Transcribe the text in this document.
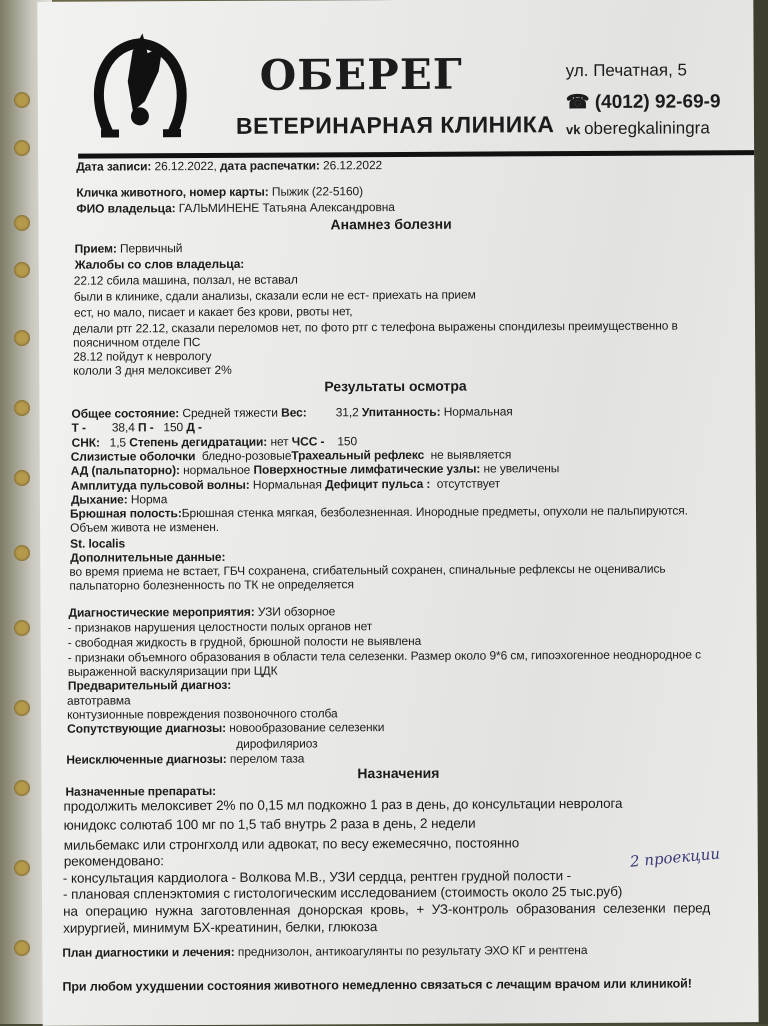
ОБЕРЕГ
ВЕТЕРИНАРНАЯ КЛИНИКА
ул. Печатная, 5
☎ (4012) 92-69-9
vk oberegkaliningra
Дата записи: 26.12.2022, дата распечатки: 26.12.2022
Кличка животного, номер карты: Пыжик (22-5160)
ФИО владельца: ГАЛЬМИНЕНЕ Татьяна Александровна
Анамнез болезни
Прием: Первичный
Жалобы со слов владельца:
22.12 сбила машина, ползал, не вставал
были в клинике, сдали анализы, сказали если не ест- приехать на прием
ест, но мало, писает и какает без крови, рвоты нет,
делали ртг 22.12, сказали переломов нет, по фото ртг с телефона выражены спондилезы преимущественно в
поясничном отделе ПС
28.12 пойдут к неврологу
кололи 3 дня мелоксивет 2%
Результаты осмотра
Общее состояние: Средней тяжести Вес: 31,2 Упитанность: Нормальная
Т - 38,4 П - 150 Д -
СНК: 1,5 Степень дегидратации: нет ЧСС - 150
Слизистые оболочки бледно-розовыеТрахеальный рефлекс не выявляется
АД (пальпаторно): нормальное Поверхностные лимфатические узлы: не увеличены
Амплитуда пульсовой волны: Нормальная Дефицит пульса : отсутствует
Дыхание: Норма
Брюшная полость:Брюшная стенка мягкая, безболезненная. Инородные предметы, опухоли не пальпируются.
Объем живота не изменен.
St. localis
Дополнительные данные:
во время приема не встает, ГБЧ сохранена, сгибательный сохранен, спинальные рефлексы не оценивались
пальпаторно болезненность по ТК не определяется
Диагностические мероприятия: УЗИ обзорное
- признаков нарушения целостности полых органов нет
- свободная жидкость в грудной, брюшной полости не выявлена
- признаки объемного образования в области тела селезенки. Размер около 9*6 см, гипоэхогенное неоднородное с
выраженной васкуляризации при ЦДК
Предварительный диагноз:
автотравма
контузионные повреждения позвоночного столба
Сопутствующие диагнозы: новообразование селезенки
дирофиляриоз
Неисключенные диагнозы: перелом таза
Назначения
Назначенные препараты:
продолжить мелоксивет 2% по 0,15 мл подкожно 1 раз в день, до консультации невролога
юнидокс солютаб 100 мг по 1,5 таб внутрь 2 раза в день, 2 недели
мильбемакс или стронгхолд или адвокат, по весу ежемесячно, постоянно
рекомендовано:
- консультация кардиолога - Волкова М.В., УЗИ сердца, рентген грудной полости -
2 проекции
- плановая спленэктомия с гистологическим исследованием (стоимость около 25 тыс.руб)
на операцию нужна заготовленная донорская кровь, + УЗ-контроль образования селезенки перед
хирургией, минимум БХ-креатинин, белки, глюкоза
План диагностики и лечения: преднизолон, антикоагулянты по результату ЭХО КГ и рентгена
При любом ухудшении состояния животного немедленно связаться с лечащим врачом или клиникой!
